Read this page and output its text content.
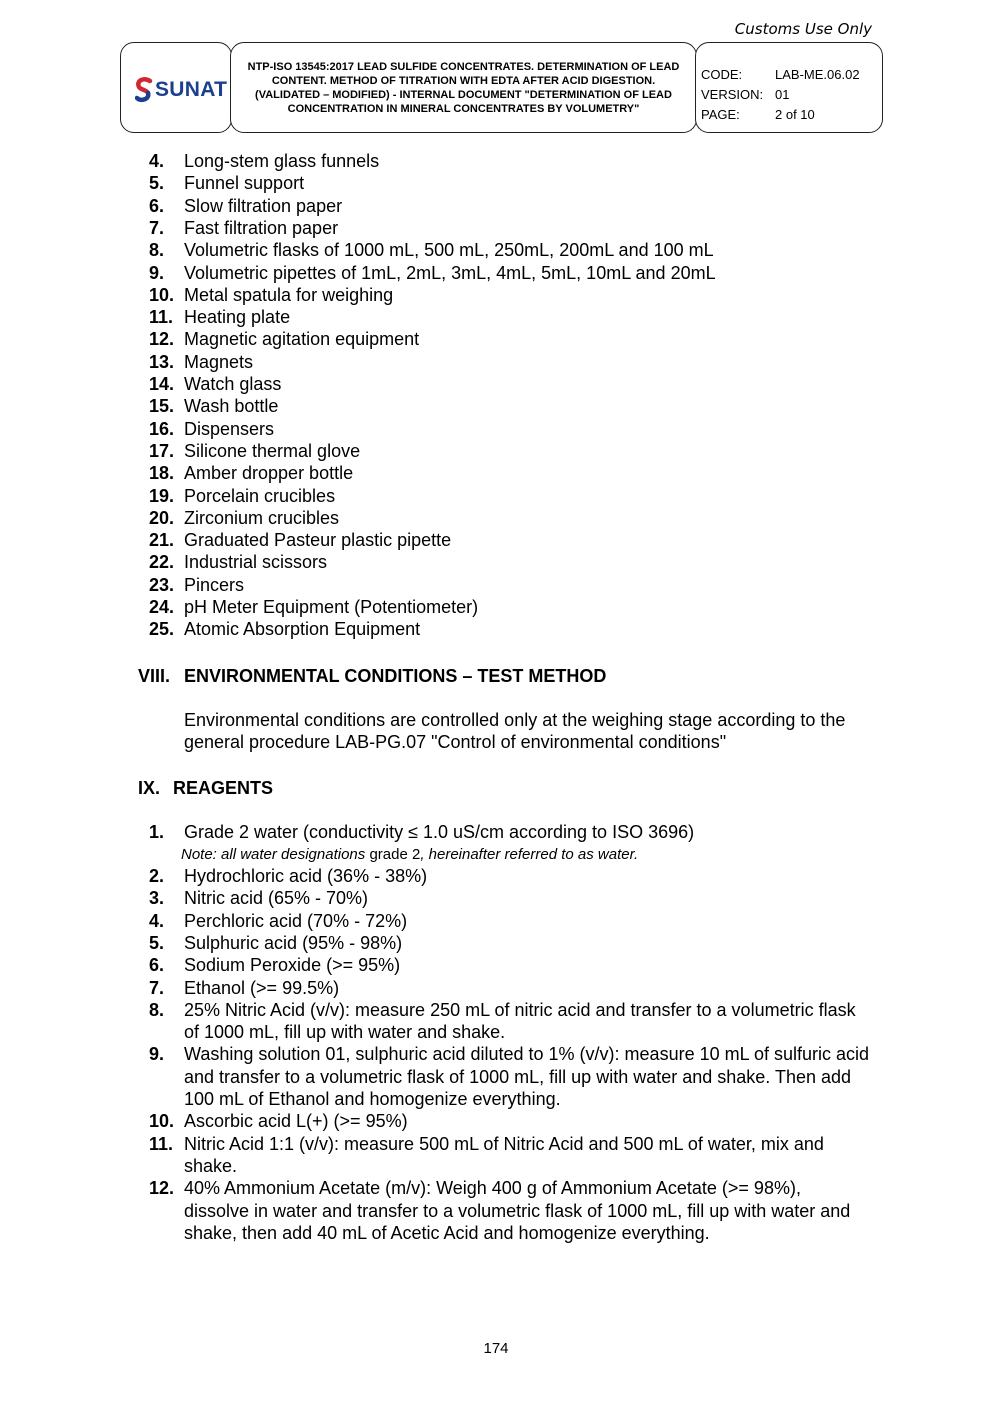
Customs Use Only
SUNAT
NTP-ISO 13545:2017 LEAD SULFIDE CONCENTRATES. DETERMINATION OF LEAD CONTENT. METHOD OF TITRATION WITH EDTA AFTER ACID DIGESTION. (VALIDATED – MODIFIED) - INTERNAL DOCUMENT "DETERMINATION OF LEAD CONCENTRATION IN MINERAL CONCENTRATES BY VOLUMETRY"
CODE:	LAB-ME.06.02
VERSION: 01
PAGE:	2 of 10
4. Long-stem glass funnels
5. Funnel support
6. Slow filtration paper
7. Fast filtration paper
8. Volumetric flasks of 1000 mL, 500 mL, 250mL, 200mL and 100 mL
9. Volumetric pipettes of 1mL, 2mL, 3mL, 4mL, 5mL, 10mL and 20mL
10. Metal spatula for weighing
11. Heating plate
12. Magnetic agitation equipment
13. Magnets
14. Watch glass
15. Wash bottle
16. Dispensers
17. Silicone thermal glove
18. Amber dropper bottle
19. Porcelain crucibles
20. Zirconium crucibles
21. Graduated Pasteur plastic pipette
22. Industrial scissors
23. Pincers
24. pH Meter Equipment (Potentiometer)
25. Atomic Absorption Equipment
VIII. ENVIRONMENTAL CONDITIONS – TEST METHOD
Environmental conditions are controlled only at the weighing stage according to the general procedure LAB-PG.07 "Control of environmental conditions"
IX. REAGENTS
1. Grade 2 water (conductivity ≤ 1.0 uS/cm according to ISO 3696)
Note: all water designations grade 2, hereinafter referred to as water.
2. Hydrochloric acid (36% - 38%)
3. Nitric acid (65% - 70%)
4. Perchloric acid (70% - 72%)
5. Sulphuric acid (95% - 98%)
6. Sodium Peroxide (>= 95%)
7. Ethanol (>= 99.5%)
8. 25% Nitric Acid (v/v): measure 250 mL of nitric acid and transfer to a volumetric flask of 1000 mL, fill up with water and shake.
9. Washing solution 01, sulphuric acid diluted to 1% (v/v): measure 10 mL of sulfuric acid and transfer to a volumetric flask of 1000 mL, fill up with water and shake. Then add 100 mL of Ethanol and homogenize everything.
10. Ascorbic acid L(+) (>= 95%)
11. Nitric Acid 1:1 (v/v): measure 500 mL of Nitric Acid and 500 mL of water, mix and shake.
12. 40% Ammonium Acetate (m/v): Weigh 400 g of Ammonium Acetate (>= 98%), dissolve in water and transfer to a volumetric flask of 1000 mL, fill up with water and shake, then add 40 mL of Acetic Acid and homogenize everything.
174
